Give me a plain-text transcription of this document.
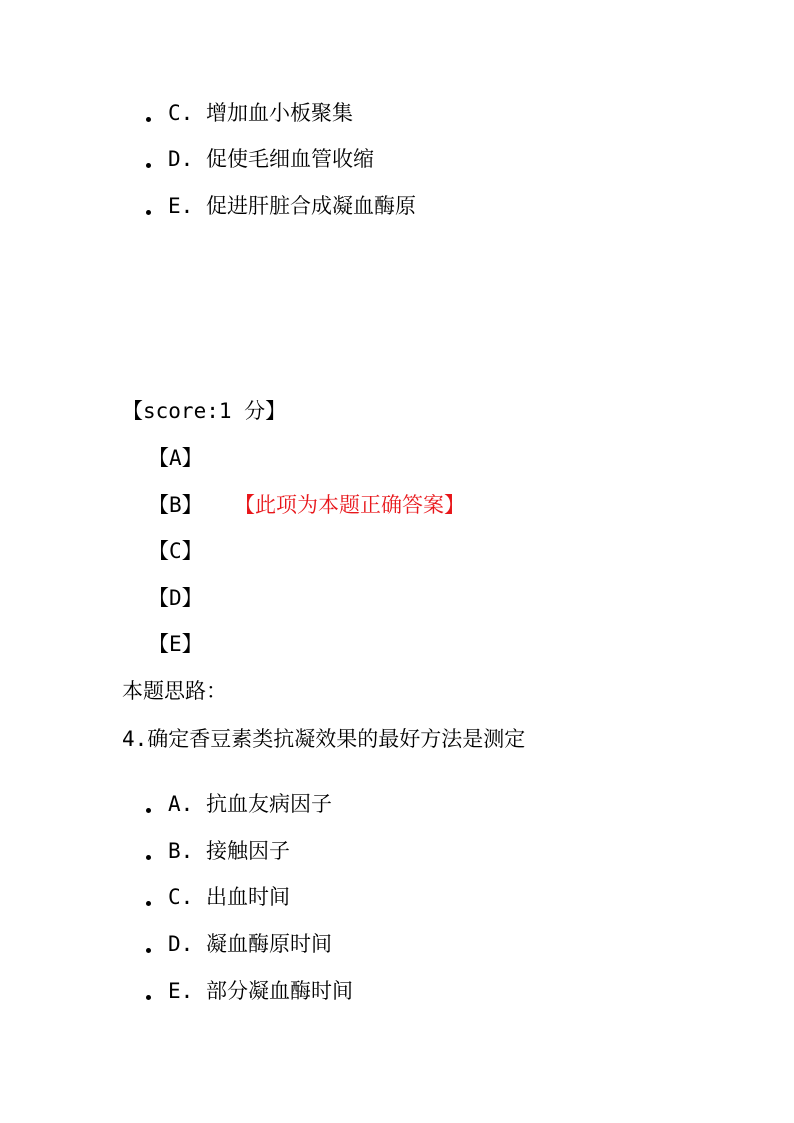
C. 增加血小板聚集
D. 促使毛细血管收缩
E. 促进肝脏合成凝血酶原
【score:1 分】
【A】
【B】 【此项为本题正确答案】
【C】
【D】
【E】
本题思路：
4.确定香豆素类抗凝效果的最好方法是测定
A. 抗血友病因子
B. 接触因子
C. 出血时间
D. 凝血酶原时间
E. 部分凝血酶时间
